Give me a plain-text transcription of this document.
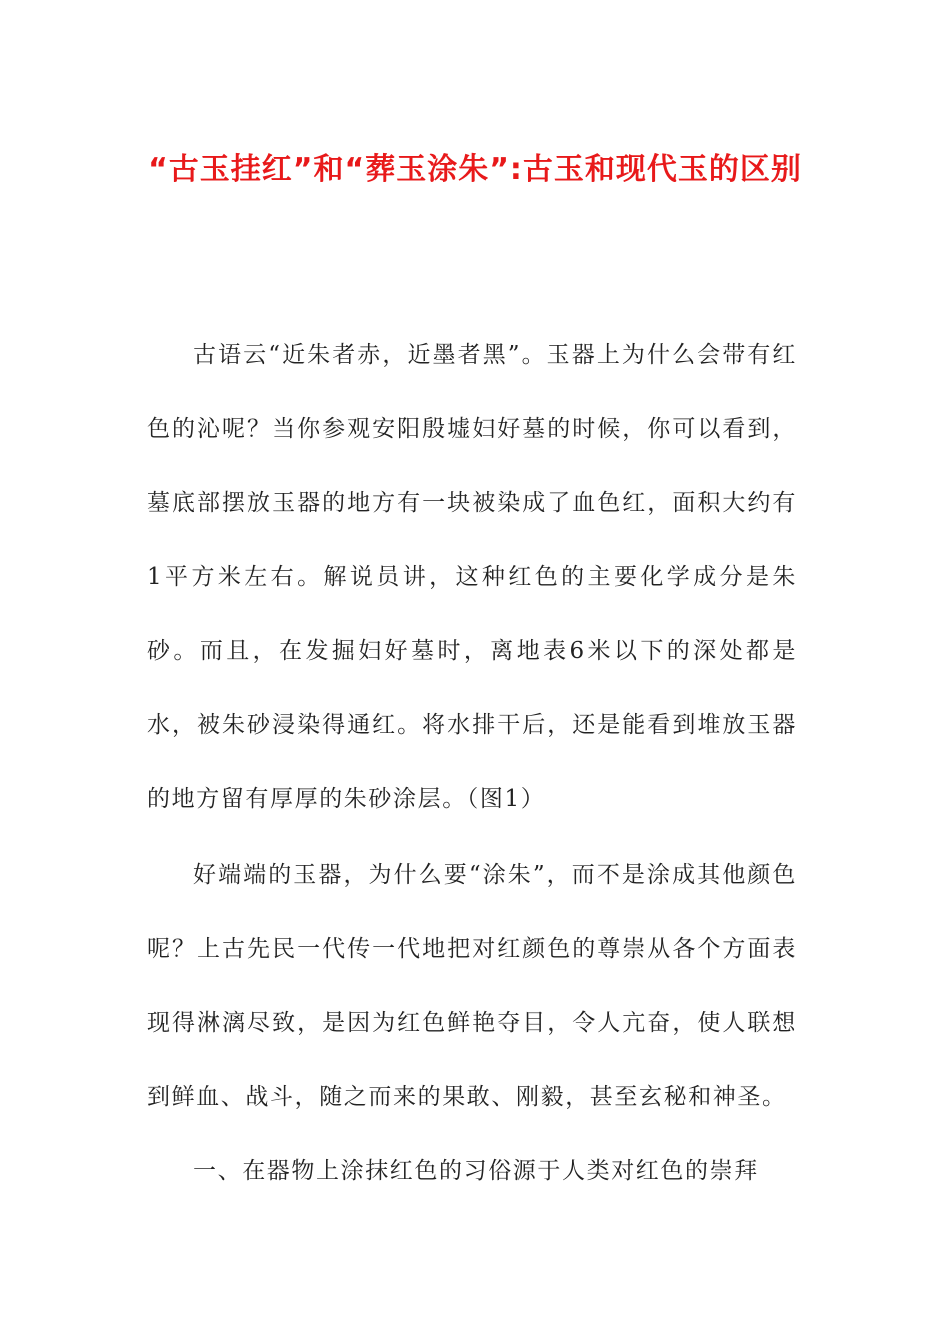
“古玉挂红”和“葬玉涂朱”:古玉和现代玉的区别

古语云“近朱者赤，近墨者黑”。玉器上为什么会带有红色的沁呢？当你参观安阳殷墟妇好墓的时候，你可以看到，墓底部摆放玉器的地方有一块被染成了血色红，面积大约有1平方米左右。解说员讲，这种红色的主要化学成分是朱砂。而且，在发掘妇好墓时，离地表6米以下的深处都是水，被朱砂浸染得通红。将水排干后，还是能看到堆放玉器的地方留有厚厚的朱砂涂层。（图1）

好端端的玉器，为什么要“涂朱”，而不是涂成其他颜色呢？上古先民一代传一代地把对红颜色的尊崇从各个方面表现得淋漓尽致，是因为红色鲜艳夺目，令人亢奋，使人联想到鲜血、战斗，随之而来的果敢、刚毅，甚至玄秘和神圣。

一、在器物上涂抹红色的习俗源于人类对红色的崇拜
